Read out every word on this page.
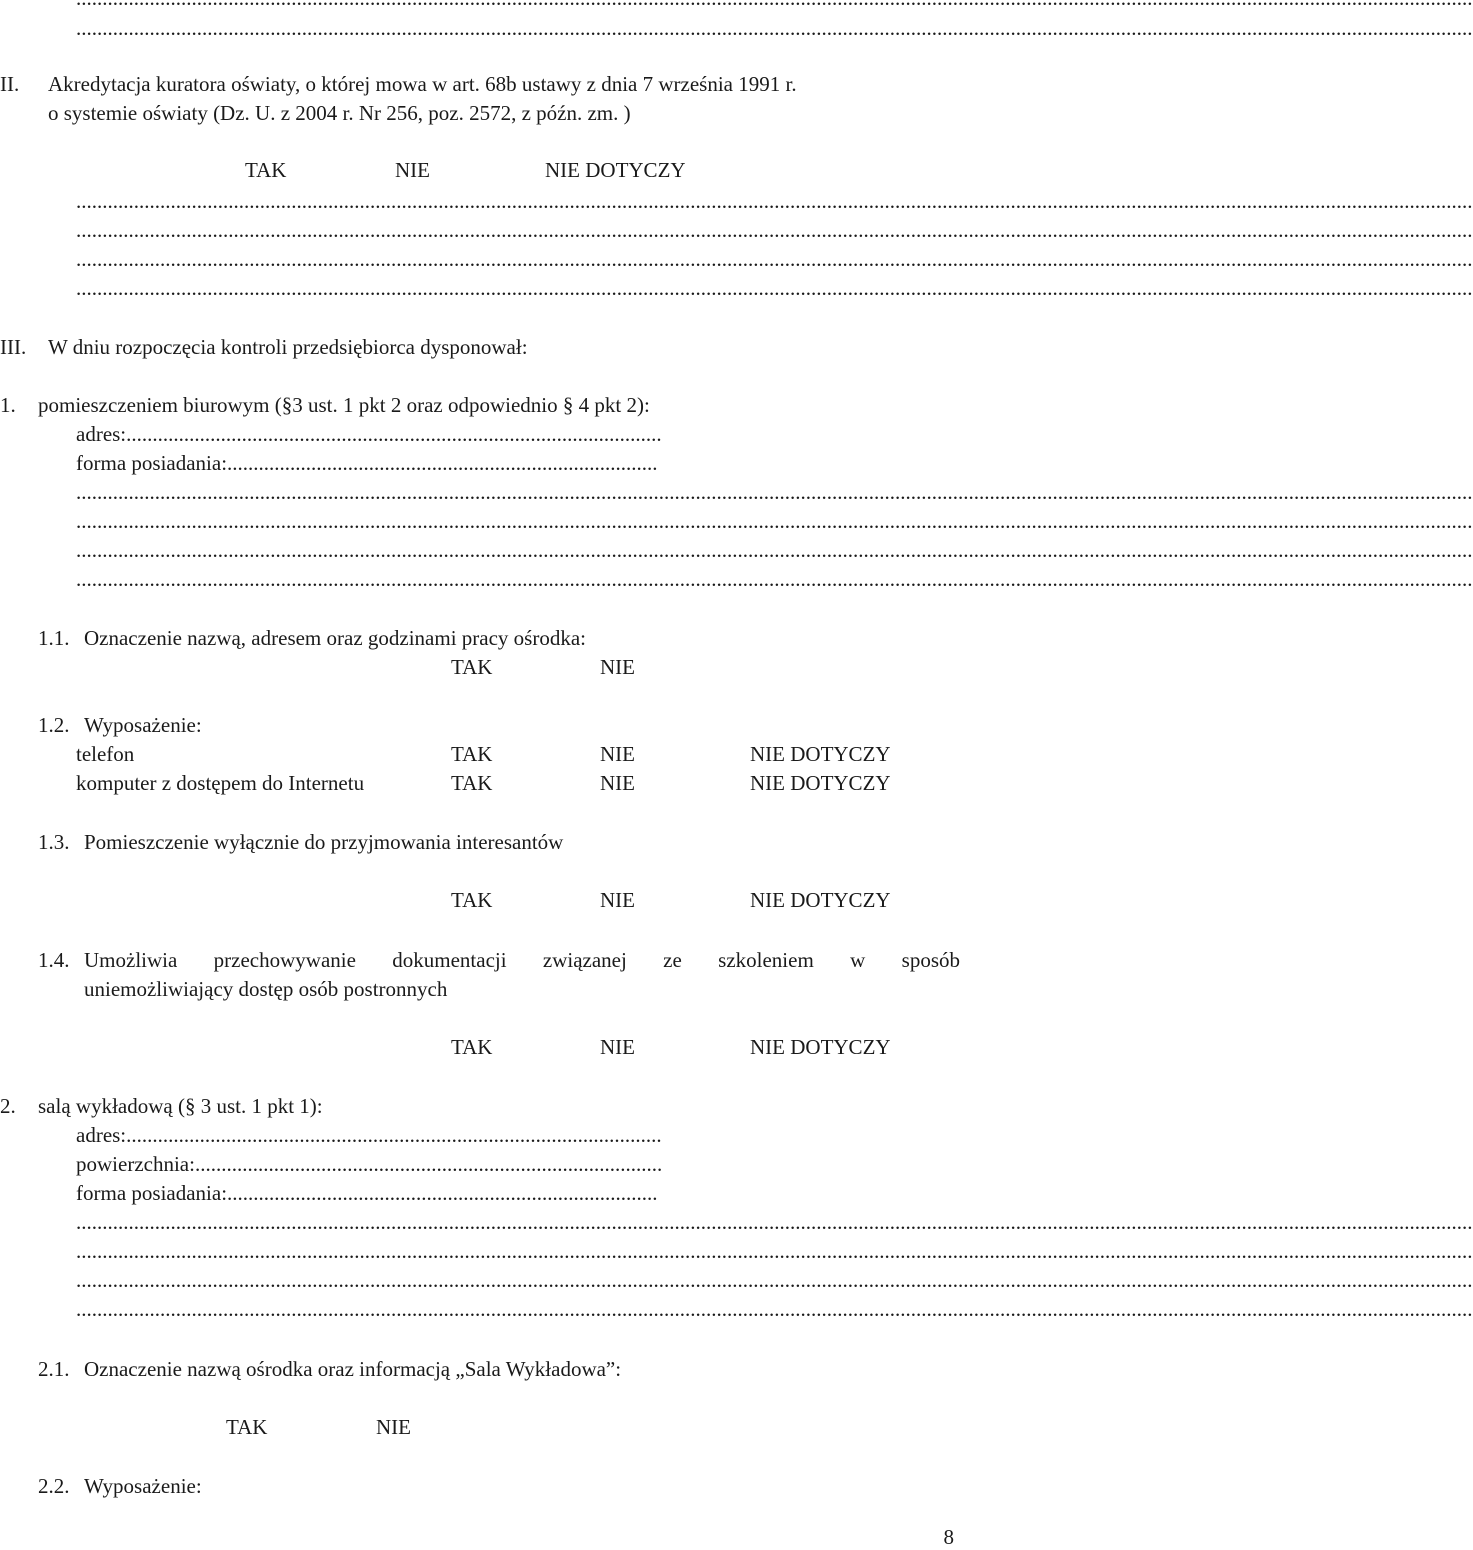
..........................................................................................................................................................................................................................................................................
II. Akredytacja kuratora oświaty, o której mowa w art. 68b ustawy z dnia 7 września 1991 r.
o systemie oświaty (Dz. U. z 2004 r. Nr 256, poz. 2572, z późn. zm. )
TAK	NIE	NIE DOTYCZY
..........................................................................................................................................................................................................................................................................
..........................................................................................................................................................................................................................................................................
..........................................................................................................................................................................................................................................................................
..........................................................................................................................................................................................................................................................................
III. W dniu rozpoczęcia kontroli przedsiębiorca dysponował:
1. pomieszczeniem biurowym (§3 ust. 1 pkt 2 oraz odpowiednio § 4 pkt 2):
adres:......................................................................................................
forma posiadania:..................................................................................
..........................................................................................................................................................................................................................................................................
..........................................................................................................................................................................................................................................................................
..........................................................................................................................................................................................................................................................................
..........................................................................................................................................................................................................................................................................
1.1. Oznaczenie nazwą, adresem oraz godzinami pracy ośrodka:
TAK	NIE
1.2. Wyposażenie:
telefon	TAK	NIE	NIE DOTYCZY
komputer z dostępem do Internetu	TAK	NIE	NIE DOTYCZY
1.3. Pomieszczenie wyłącznie do przyjmowania interesantów
TAK	NIE	NIE DOTYCZY
1.4. Umożliwia przechowywanie dokumentacji związanej ze szkoleniem w sposób
uniemożliwiający dostęp osób postronnych
TAK	NIE	NIE DOTYCZY
2. salą wykładową (§ 3 ust. 1 pkt 1):
adres:......................................................................................................
powierzchnia:.........................................................................................
forma posiadania:..................................................................................
..........................................................................................................................................................................................................................................................................
..........................................................................................................................................................................................................................................................................
..........................................................................................................................................................................................................................................................................
..........................................................................................................................................................................................................................................................................
2.1. Oznaczenie nazwą ośrodka oraz informacją „Sala Wykładowa”:
TAK	NIE
2.2. Wyposażenie:
8
